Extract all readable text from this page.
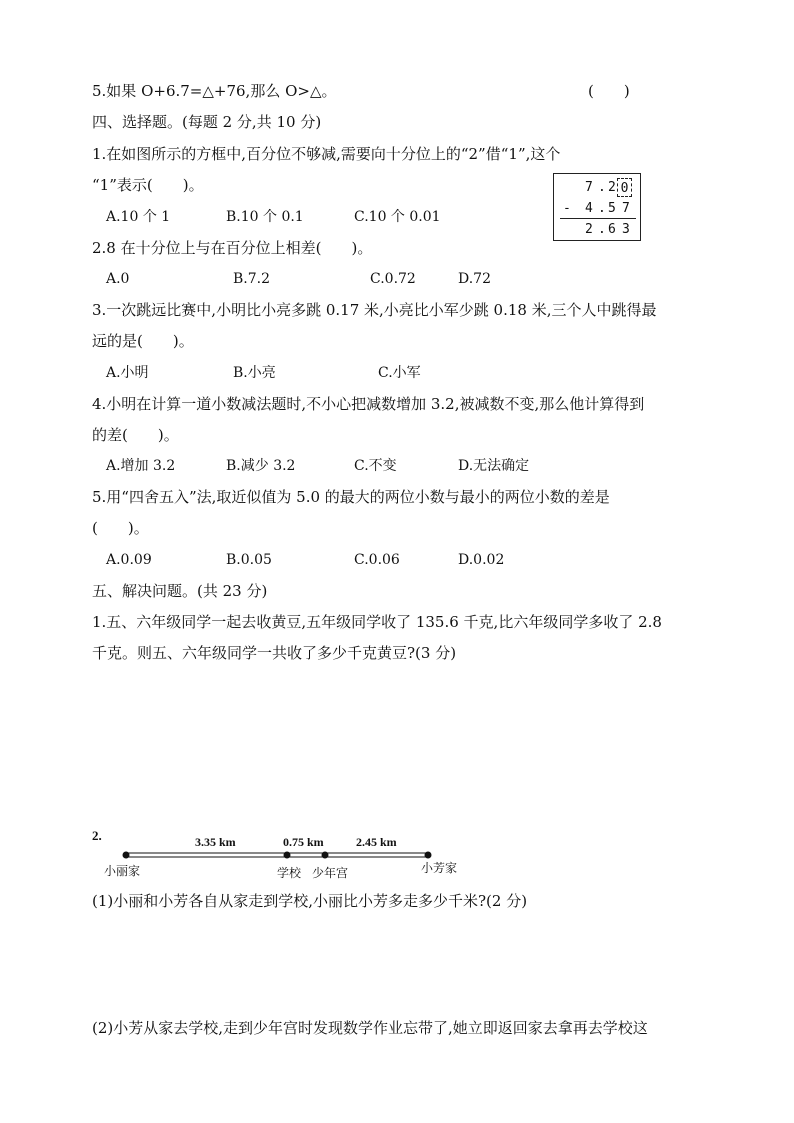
5.如果 O+6.7=△+76,那么 O>△。	(　　)
四、选择题。(每题 2 分,共 10 分)
1.在如图所示的方框中,百分位不够减,需要向十分位上的“2”借“1”,这个
“1”表示(　　)。
A.10 个 1	B.10 个 0.1	C.10 个 0.01
7 . 2 0
- 4 . 5 7
2 . 6 3
2.8 在十分位上与在百分位上相差(　　)。
A.0	B.7.2	C.0.72	D.72
3.一次跳远比赛中,小明比小亮多跳 0.17 米,小亮比小军少跳 0.18 米,三个人中跳得最
远的是(　　)。
A.小明	B.小亮	C.小军
4.小明在计算一道小数减法题时,不小心把减数增加 3.2,被减数不变,那么他计算得到
的差(　　)。
A.增加 3.2	B.减少 3.2	C.不变	D.无法确定
5.用“四舍五入”法,取近似值为 5.0 的最大的两位小数与最小的两位小数的差是
(　　)。
A.0.09	B.0.05	C.0.06	D.0.02
五、解决问题。(共 23 分)
1.五、六年级同学一起去收黄豆,五年级同学收了 135.6 千克,比六年级同学多收了 2.8
千克。则五、六年级同学一共收了多少千克黄豆?(3 分)
2.	3.35 km	0.75 km	2.45 km
小丽家	学校 少年宫	小芳家
(1)小丽和小芳各自从家走到学校,小丽比小芳多走多少千米?(2 分)
(2)小芳从家去学校,走到少年宫时发现数学作业忘带了,她立即返回家去拿再去学校这
